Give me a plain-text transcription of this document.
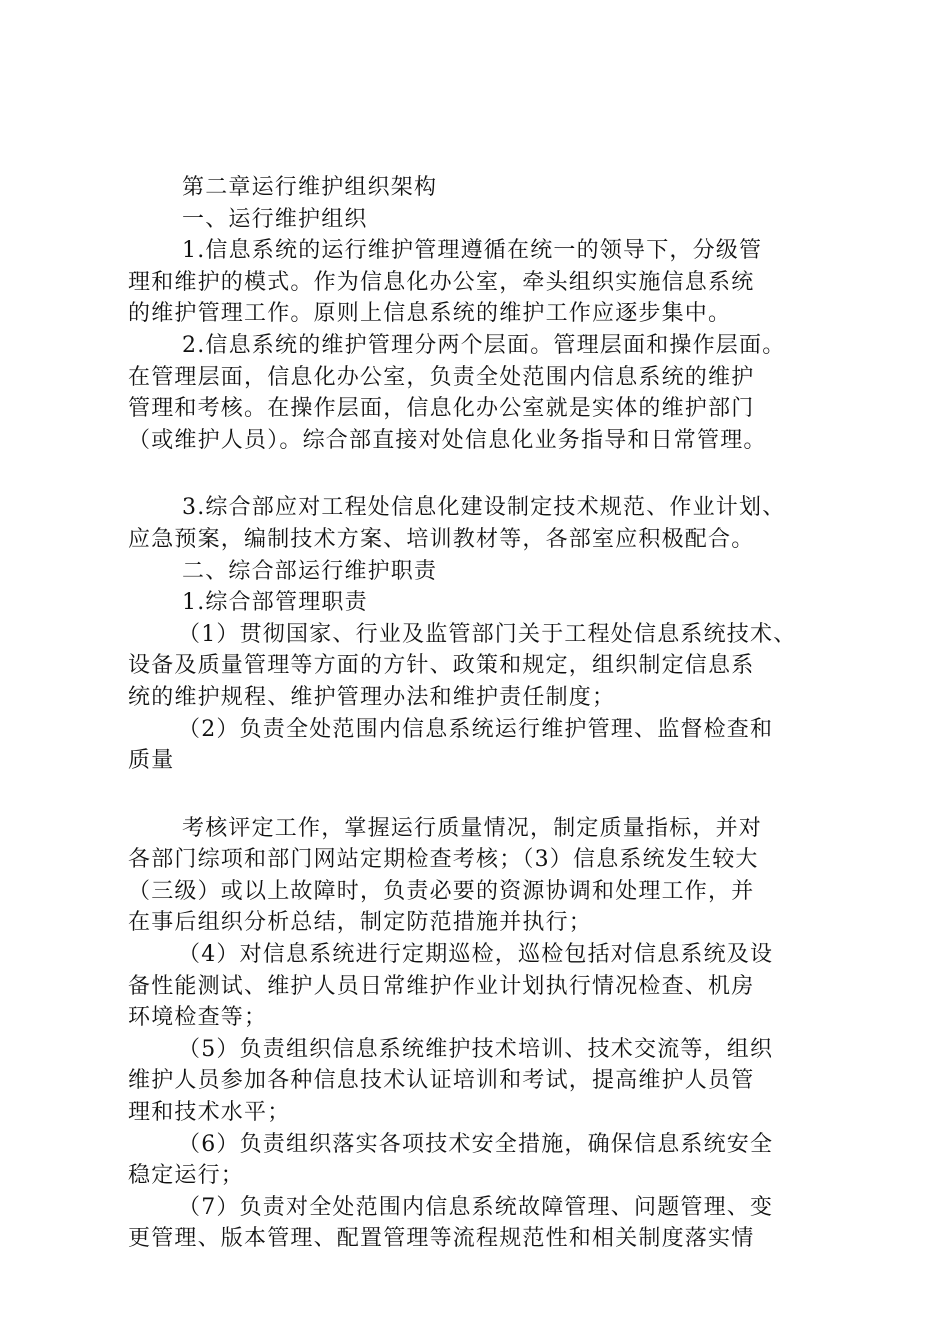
第二章运行维护组织架构
一、运行维护组织
1.信息系统的运行维护管理遵循在统一的领导下，分级管
理和维护的模式。作为信息化办公室，牵头组织实施信息系统
的维护管理工作。原则上信息系统的维护工作应逐步集中。
2.信息系统的维护管理分两个层面。管理层面和操作层面。
在管理层面，信息化办公室，负责全处范围内信息系统的维护
管理和考核。在操作层面，信息化办公室就是实体的维护部门
（或维护人员）。综合部直接对处信息化业务指导和日常管理。
3.综合部应对工程处信息化建设制定技术规范、作业计划、
应急预案，编制技术方案、培训教材等，各部室应积极配合。
二、综合部运行维护职责
1.综合部管理职责
（1）贯彻国家、行业及监管部门关于工程处信息系统技术、
设备及质量管理等方面的方针、政策和规定，组织制定信息系
统的维护规程、维护管理办法和维护责任制度；
（2）负责全处范围内信息系统运行维护管理、监督检查和
质量
考核评定工作，掌握运行质量情况，制定质量指标，并对
各部门综项和部门网站定期检查考核；（3）信息系统发生较大
（三级）或以上故障时，负责必要的资源协调和处理工作，并
在事后组织分析总结，制定防范措施并执行；
（4）对信息系统进行定期巡检，巡检包括对信息系统及设
备性能测试、维护人员日常维护作业计划执行情况检查、机房
环境检查等；
（5）负责组织信息系统维护技术培训、技术交流等，组织
维护人员参加各种信息技术认证培训和考试，提高维护人员管
理和技术水平；
（6）负责组织落实各项技术安全措施，确保信息系统安全
稳定运行；
（7）负责对全处范围内信息系统故障管理、问题管理、变
更管理、版本管理、配置管理等流程规范性和相关制度落实情
